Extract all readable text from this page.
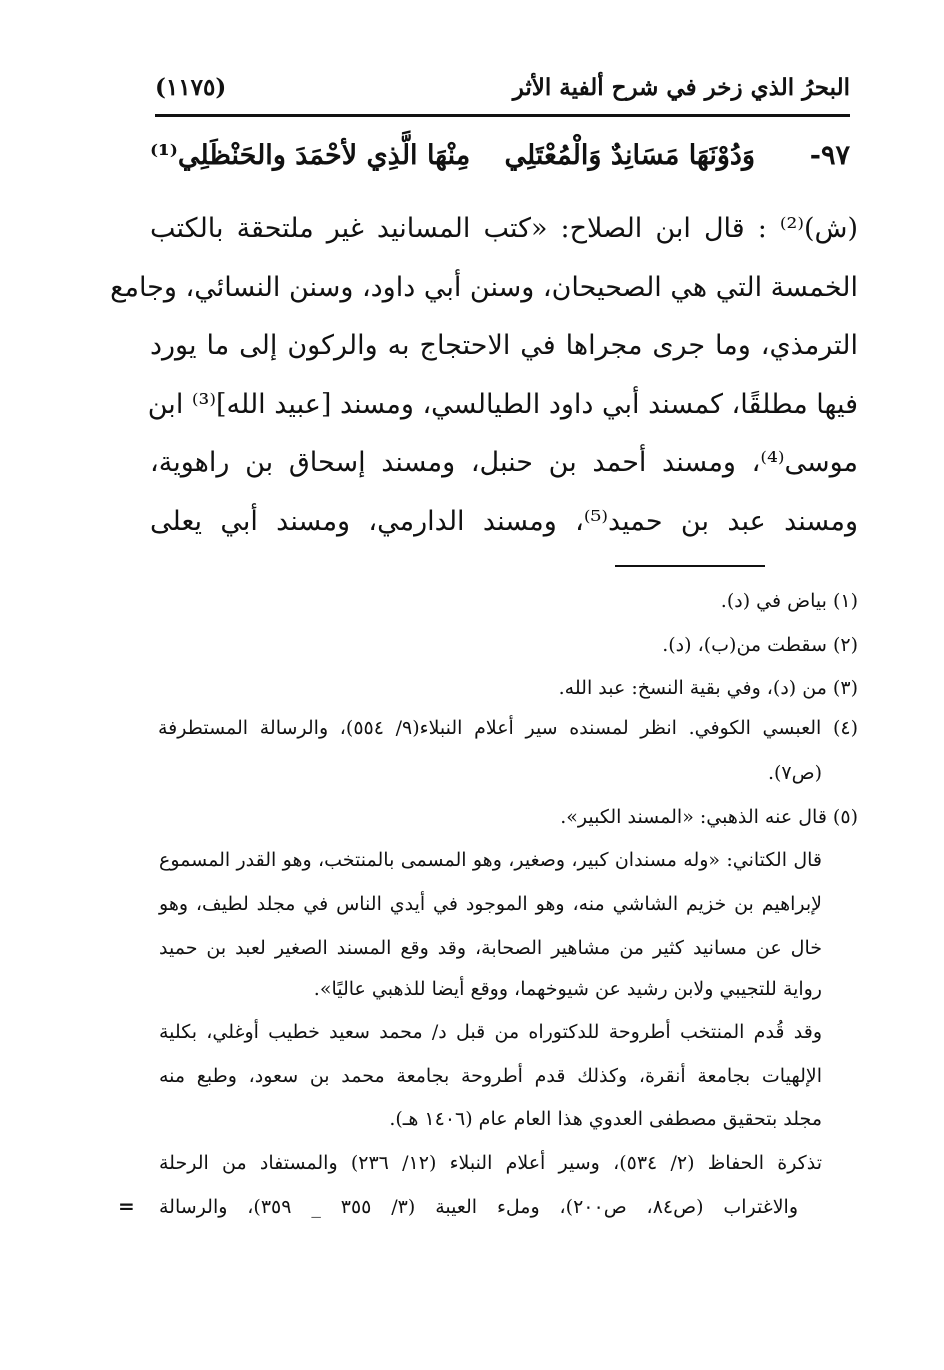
البحرُ الذي زخر في شرح ألفية الأثر
(١١٧٥)
٩٧-
وَدُوْنَهَا مَسَانِدٌ وَالْمُعْتَلِي
مِنْهَا الَّذِي لأحْمَدَ والحَنْظَلِي⁽¹⁾
(ش)⁽²⁾ : قال ابن الصلاح: «كتب المسانيد غير ملتحقة بالكتب
الخمسة التي هي الصحيحان، وسنن أبي داود، وسنن النسائي، وجامع
الترمذي، وما جرى مجراها في الاحتجاج به والركون إلى ما يورد
فيها مطلقًا، كمسند أبي داود الطيالسي، ومسند [عبيد الله]⁽³⁾ ابن
موسى⁽⁴⁾، ومسند أحمد بن حنبل، ومسند إسحاق بن راهوية،
ومسند عبد بن حميد⁽⁵⁾، ومسند الدارمي، ومسند أبي يعلى
(١) بياض في (د).
(٢) سقطت من(ب)، (د).
(٣) من (د)، وفي بقية النسخ: عبد الله.
(٤) العبسي الكوفي. انظر لمسنده سير أعلام النبلاء(٩/ ٥٥٤)، والرسالة المستطرفة
(ص٧).
(٥) قال عنه الذهبي: «المسند الكبير».
قال الكتاني: «وله مسندان كبير، وصغير، وهو المسمى بالمنتخب، وهو القدر المسموع
لإبراهيم بن خزيم الشاشي منه، وهو الموجود في أيدي الناس في مجلد لطيف، وهو
خال عن مسانيد كثير من مشاهير الصحابة، وقد وقع المسند الصغير لعبد بن حميد
رواية للتجيبي ولابن رشيد عن شيوخهما، ووقع أيضا للذهبي عاليًا».
وقد قُدم المنتخب أطروحة للدكتوراه من قبل د/ محمد سعيد خطيب أوغلي، بكلية
الإلهيات بجامعة أنقرة، وكذلك قدم أطروحة بجامعة محمد بن سعود، وطبع منه
مجلد بتحقيق مصطفى العدوي هذا العام عام (١٤٠٦ هـ).
تذكرة الحفاظ (٢/ ٥٣٤)، وسير أعلام النبلاء (١٢/ ٢٣٦) والمستفاد من الرحلة
والاغتراب (ص٨٤، ص٢٠٠)، وملء العيبة (٣/ ٣٥٥ _ ٣٥٩)، والرسالة
=
